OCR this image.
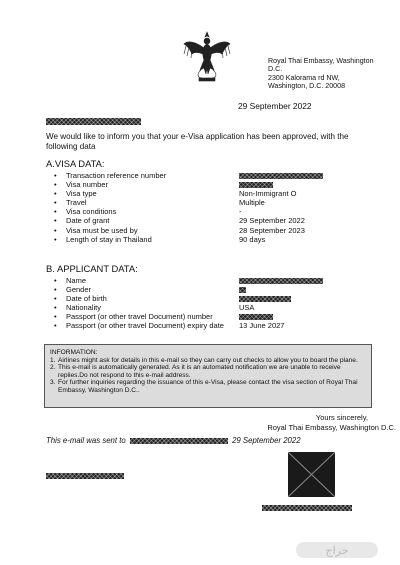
Royal Thai Embassy, Washington D.C.
2300 Kalorama rd NW,
Washington, D.C. 20008
29 September 2022
We would like to inform you that your e-Visa application has been approved, with the following data
A.VISA DATA:
• Transaction reference number
• Visa number
• Visa type	Non-Immigrant O
• Travel	Multiple
• Visa conditions	-
• Date of grant	29 September 2022
• Visa must be used by	28 September 2023
• Length of stay in Thailand	90 days
B. APPLICANT DATA:
• Name
• Gender
• Date of birth
• Nationality	USA
• Passport (or other travel Document) number
• Passport (or other travel Document) expiry date 13 June 2027
INFORMATION:
1. Airlines might ask for details in this e-mail so they can carry out checks to allow you to board the plane.
2. This e-mail is automatically generated. As it is an automated notification we are unable to receive replies.Do not respond to this e-mail address.
3. For further inquiries regarding the issuance of this e-Visa, please contact the visa section of Royal Thai Embassy, Washington D.C..
Yours sincerely,
Royal Thai Embassy, Washington D.C.
This e-mail was sent to	29 September 2022
حراج
